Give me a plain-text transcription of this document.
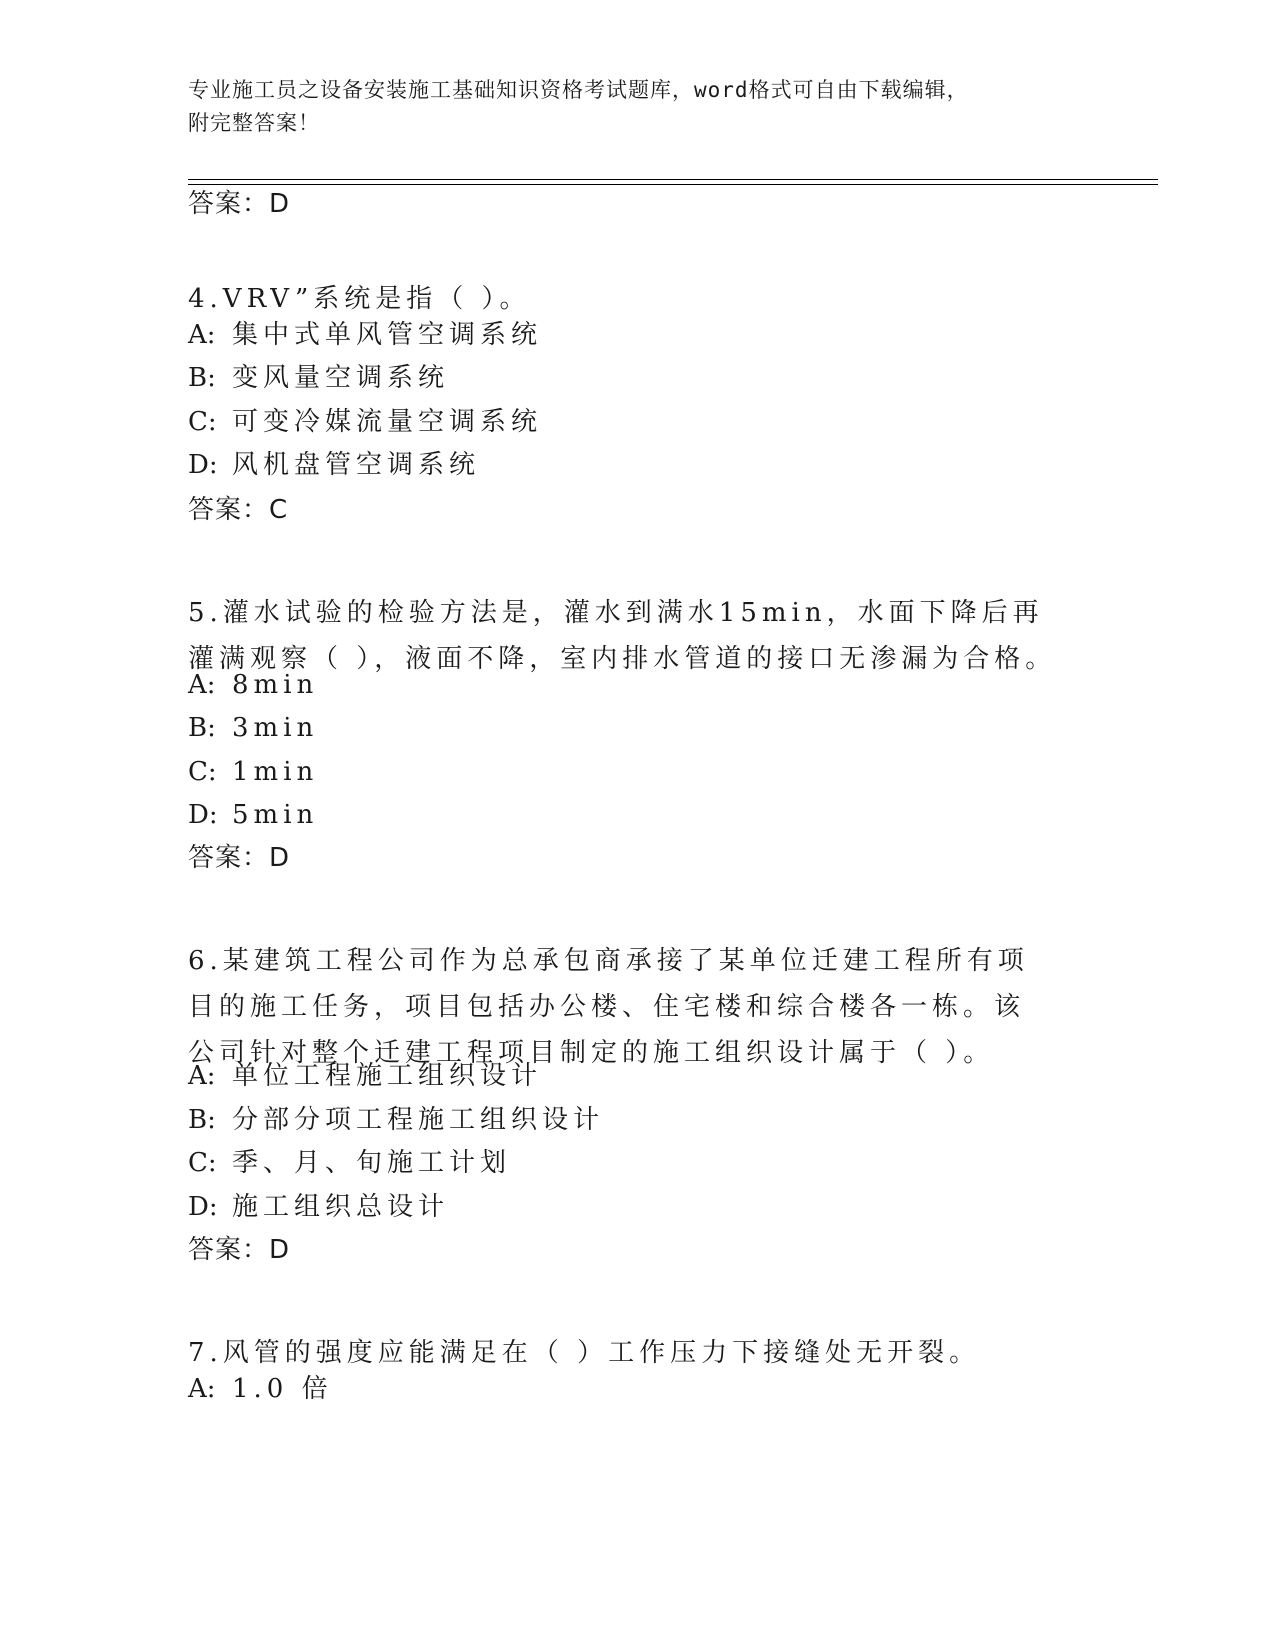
专业施工员之设备安装施工基础知识资格考试题库，word格式可自由下载编辑，
附完整答案！
答案：D
4.VRV”系统是指（ ）。
A: 集中式单风管空调系统
B: 变风量空调系统
C: 可变冷媒流量空调系统
D: 风机盘管空调系统
答案：C
5.灌水试验的检验方法是，灌水到满水15min，水面下降后再灌满观察（ ），液面不降，室内排水管道的接口无渗漏为合格。
A: 8min
B: 3min
C: 1min
D: 5min
答案：D
6.某建筑工程公司作为总承包商承接了某单位迁建工程所有项目的施工任务，项目包括办公楼、住宅楼和综合楼各一栋。该公司针对整个迁建工程项目制定的施工组织设计属于（ ）。
A: 单位工程施工组织设计
B: 分部分项工程施工组织设计
C: 季、月、旬施工计划
D: 施工组织总设计
答案：D
7.风管的强度应能满足在（ ）工作压力下接缝处无开裂。
A: 1.0 倍
